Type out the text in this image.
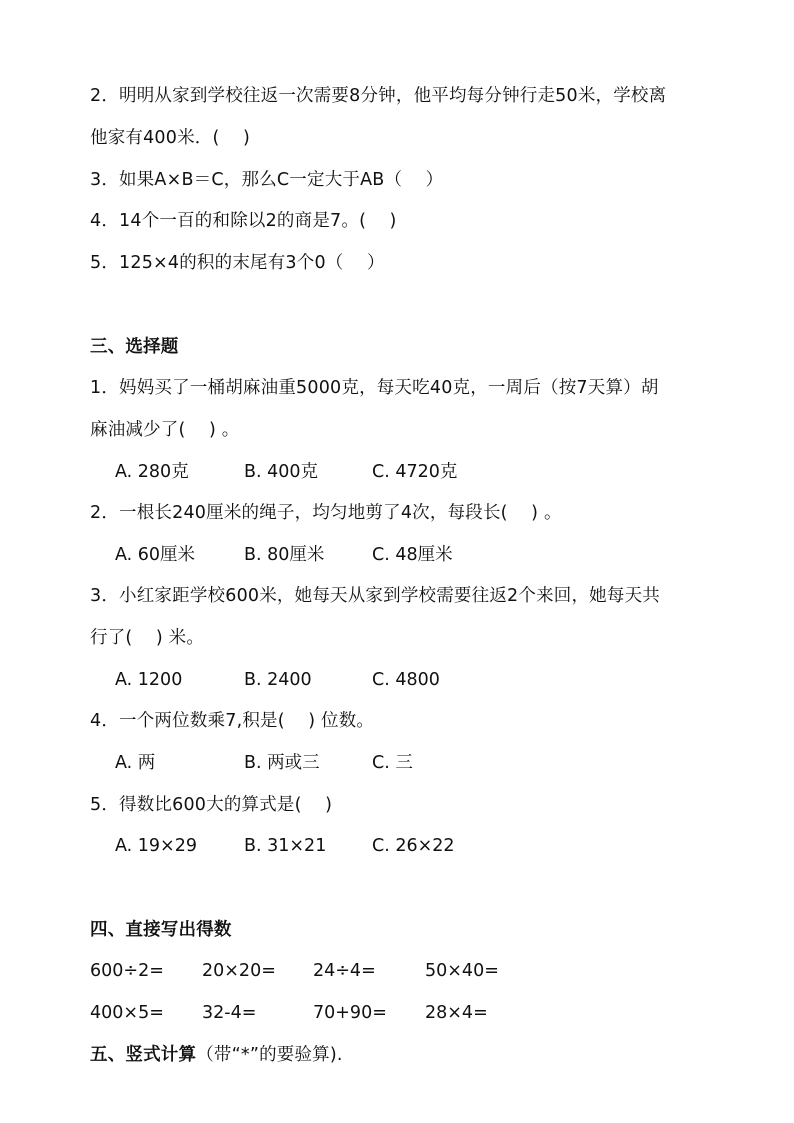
2．明明从家到学校往返一次需要8分钟，他平均每分钟行走50米，学校离
他家有400米．(　 )
3．如果A×B＝C，那么C一定大于AB（　 ）
4．14个一百的和除以2的商是7。(　 )
5．125×4的积的末尾有3个0（　 ）
三、选择题
1．妈妈买了一桶胡麻油重5000克，每天吃40克，一周后（按7天算）胡
麻油减少了(　 ) 。
A. 280克	B. 400克	C. 4720克
2．一根长240厘米的绳子，均匀地剪了4次，每段长(　 ) 。
A. 60厘米	B. 80厘米	C. 48厘米
3．小红家距学校600米，她每天从家到学校需要往返2个来回，她每天共
行了(　 ) 米。
A. 1200	B. 2400	C. 4800
4．一个两位数乘7,积是(　 ) 位数。
A. 两	B. 两或三	C. 三
5．得数比600大的算式是(　 )
A. 19×29	B. 31×21	C. 26×22
四、直接写出得数
600÷2= 20×20= 24÷4=	50×40=
400×5= 32-4=	70+90= 28×4=
五、竖式计算（带“*”的要验算).
